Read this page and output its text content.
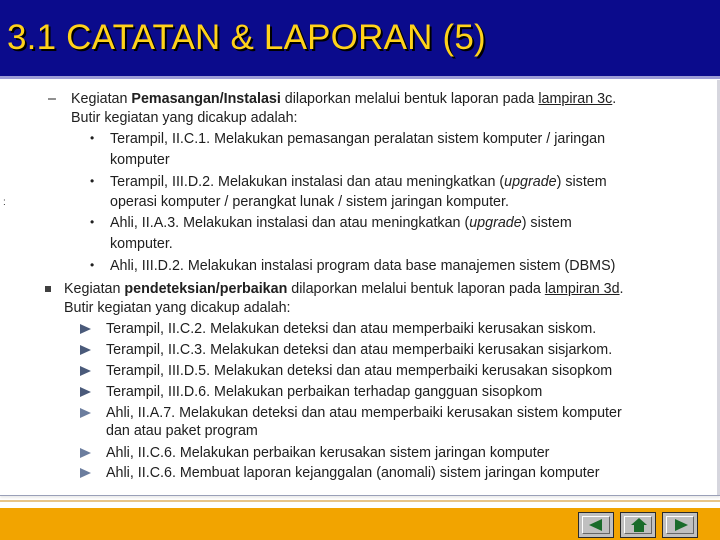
3.1 CATATAN & LAPORAN (5)
:
– Kegiatan Pemasangan/Instalasi dilaporkan melalui bentuk laporan pada lampiran 3c.
Butir kegiatan yang dicakup adalah:
• Terampil, II.C.1. Melakukan pemasangan peralatan sistem komputer / jaringan
komputer
• Terampil, III.D.2. Melakukan instalasi dan atau meningkatkan (upgrade) sistem
operasi komputer / perangkat lunak / sistem jaringan komputer.
• Ahli, II.A.3. Melakukan instalasi dan atau meningkatkan (upgrade) sistem
komputer.
• Ahli, III.D.2. Melakukan instalasi program data base manajemen sistem (DBMS)
Kegiatan pendeteksian/perbaikan dilaporkan melalui bentuk laporan pada lampiran 3d.
Butir kegiatan yang dicakup adalah:
Terampil, II.C.2. Melakukan deteksi dan atau memperbaiki kerusakan siskom.
Terampil, II.C.3. Melakukan deteksi dan atau memperbaiki kerusakan sisjarkom.
Terampil, III.D.5. Melakukan deteksi dan atau memperbaiki kerusakan sisopkom
Terampil, III.D.6. Melakukan perbaikan terhadap gangguan sisopkom
Ahli, II.A.7. Melakukan deteksi dan atau memperbaiki kerusakan sistem komputer
dan atau paket program
Ahli, II.C.6. Melakukan perbaikan kerusakan sistem jaringan komputer
Ahli, II.C.6. Membuat laporan kejanggalan (anomali) sistem jaringan komputer
